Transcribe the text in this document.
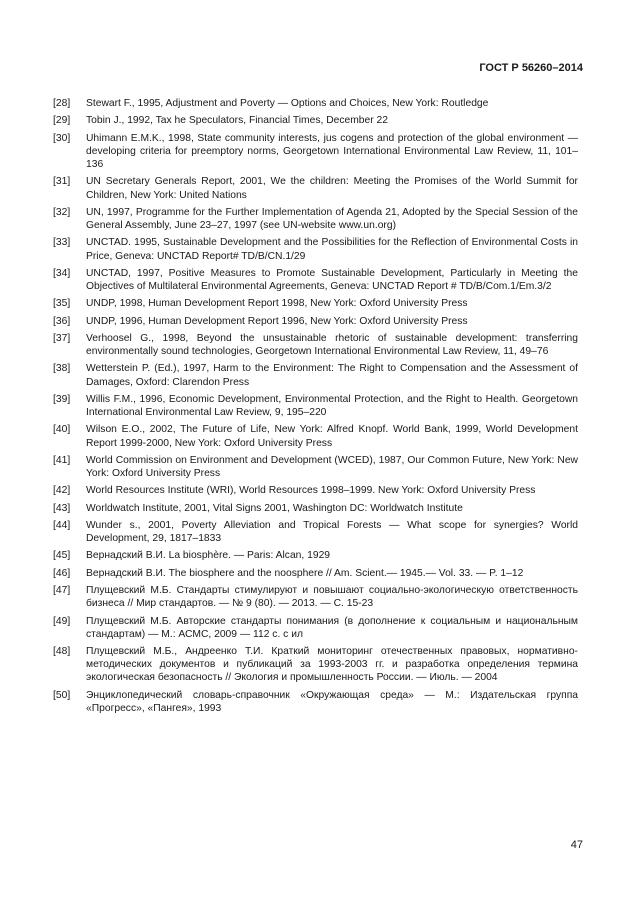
ГОСТ Р 56260–2014
[28]	Stewart F., 1995, Adjustment and Poverty — Options and Choices, New York: Routledge
[29]	Tobin J., 1992, Tax he Speculators, Financial Times, December 22
[30]	Uhimann E.M.K., 1998, State community interests, jus cogens and protection of the global environment — developing criteria for preemptory norms, Georgetown International Environmental Law Review, 11, 101–136
[31]	UN Secretary Generals Report, 2001, We the children: Meeting the Promises of the World Summit for Children, New York: United Nations
[32]	UN, 1997, Programme for the Further Implementation of Agenda 21, Adopted by the Special Session of the General Assembly, June 23–27, 1997 (see UN-website www.un.org)
[33]	UNCTAD. 1995, Sustainable Development and the Possibilities for the Reflection of Environmental Costs in Price, Geneva: UNCTAD Report# TD/B/CN.1/29
[34]	UNCTAD, 1997, Positive Measures to Promote Sustainable Development, Particularly in Meeting the Objectives of Multilateral Environmental Agreements, Geneva: UNCTAD Report # TD/B/Com.1/Em.3/2
[35]	UNDP, 1998, Human Development Report 1998, New York: Oxford University Press
[36]	UNDP, 1996, Human Development Report 1996, New York: Oxford University Press
[37]	Verhoosel G., 1998, Beyond the unsustainable rhetoric of sustainable development: transferring environmentally sound technologies, Georgetown International Environmental Law Review, 11, 49–76
[38]	Wetterstein P. (Ed.), 1997, Harm to the Environment: The Right to Compensation and the Assessment of Damages, Oxford: Clarendon Press
[39]	Willis F.M., 1996, Economic Development, Environmental Protection, and the Right to Health. Georgetown International Environmental Law Review, 9, 195–220
[40]	Wilson E.O., 2002, The Future of Life, New York: Alfred Knopf. World Bank, 1999, World Development Report 1999-2000, New York: Oxford University Press
[41]	World Commission on Environment and Development (WCED), 1987, Our Common Future, New York: New York: Oxford University Press
[42]	World Resources Institute (WRI), World Resources 1998–1999. New York: Oxford University Press
[43]	Worldwatch Institute, 2001, Vital Signs 2001, Washington DC: Worldwatch Institute
[44]	Wunder s., 2001, Poverty Alleviation and Tropical Forests — What scope for synergies? World Development, 29, 1817–1833
[45]	Вернадский В.И. La biosphère. — Paris: Alcan, 1929
[46]	Вернадский В.И. The biosphere and the noosphere // Am. Scient.— 1945.— Vol. 33. — P. 1–12
[47]	Плущевский М.Б. Стандарты стимулируют и повышают социально-экологическую ответственность бизнеса // Мир стандартов. — № 9 (80). — 2013. — С. 15-23
[49]	Плущевский М.Б. Авторские стандарты понимания (в дополнение к социальным и национальным стандартам) — М.: АСМС, 2009 — 112 с. с ил
[48]	Плущевский М.Б., Андреенко Т.И. Краткий мониторинг отечественных правовых, нормативно-методических документов и публикаций за 1993-2003 гг. и разработка определения термина экологическая безопасность // Экология и промышленность России. — Июль. — 2004
[50]	Энциклопедический словарь-справочник «Окружающая среда» — М.: Издательская группа «Прогресс», «Пангея», 1993
47
